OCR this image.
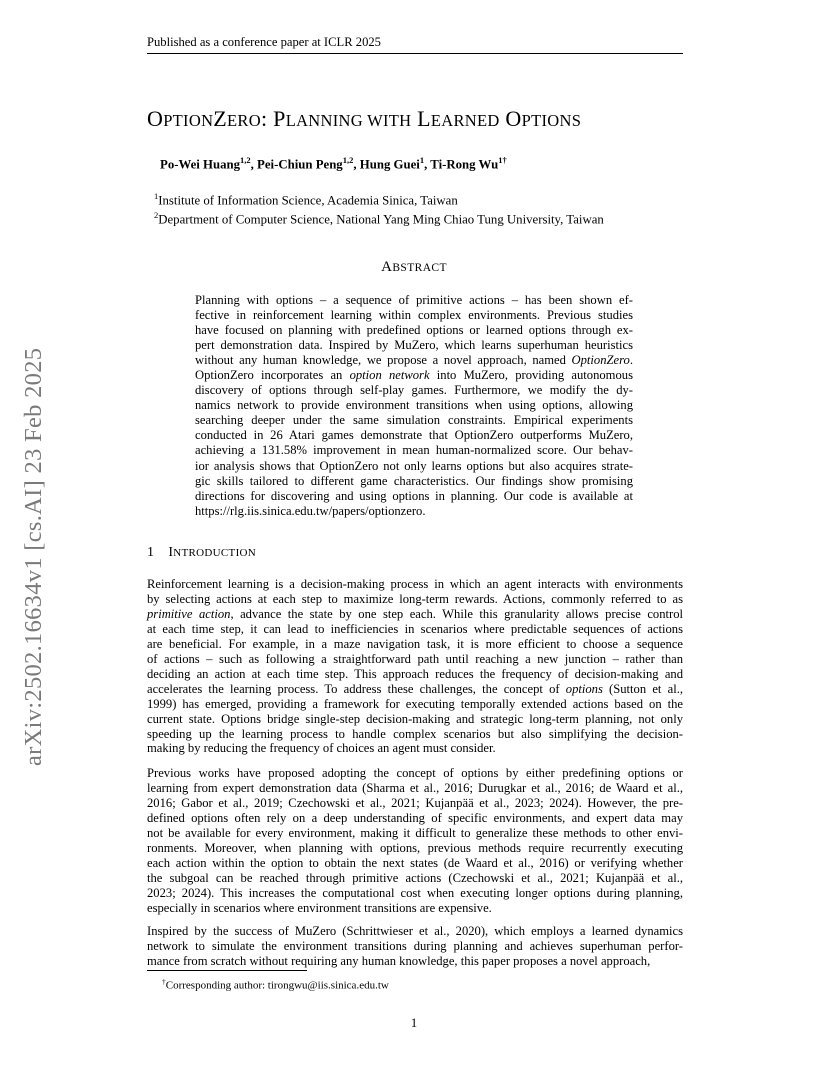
Published as a conference paper at ICLR 2025
arXiv:2502.16634v1 [cs.AI] 23 Feb 2025
OPTIONZERO: PLANNING WITH LEARNED OPTIONS
Po-Wei Huang$^{1,2}$, Pei-Chiun Peng$^{1,2}$, Hung Guei$^1$, Ti-Rong $Wu^{1\dagger}$
$^1$Institute of Information Science, Academia Sinica, Taiwan
$^2$Department of Computer Science, National Yang Ming Chiao Tung University, Taiwan
ABSTRACT
Planning with options – a sequence of primitive actions – has been shown ef-
fective in reinforcement learning within complex environments. Previous studies
have focused on planning with predefined options or learned options through ex-
pert demonstration data. Inspired by MuZero, which learns superhuman heuristics
without any human knowledge, we propose a novel approach, named OptionZero.
OptionZero incorporates an option network into MuZero, providing autonomous
discovery of options through self-play games. Furthermore, we modify the dy-
namics network to provide environment transitions when using options, allowing
searching deeper under the same simulation constraints. Empirical experiments
conducted in 26 Atari games demonstrate that OptionZero outperforms MuZero,
achieving a 131.58% improvement in mean human-normalized score. Our behav-
ior analysis shows that OptionZero not only learns options but also acquires strate-
gic skills tailored to different game characteristics. Our findings show promising
directions for discovering and using options in planning. Our code is available at
https://rlg.iis.sinica.edu.tw/papers/optionzero.
1 INTRODUCTION
Reinforcement learning is a decision-making process in which an agent interacts with environments
by selecting actions at each step to maximize long-term rewards. Actions, commonly referred to as
primitive action, advance the state by one step each. While this granularity allows precise control
at each time step, it can lead to inefficiencies in scenarios where predictable sequences of actions
are beneficial. For example, in a maze navigation task, it is more efficient to choose a sequence
of actions – such as following a straightforward path until reaching a new junction – rather than
deciding an action at each time step. This approach reduces the frequency of decision-making and
accelerates the learning process. To address these challenges, the concept of options (Sutton et al.,
1999) has emerged, providing a framework for executing temporally extended actions based on the
current state. Options bridge single-step decision-making and strategic long-term planning, not only
speeding up the learning process to handle complex scenarios but also simplifying the decision-
making by reducing the frequency of choices an agent must consider.
Previous works have proposed adopting the concept of options by either predefining options or
learning from expert demonstration data (Sharma et al., 2016; Durugkar et al., 2016; de Waard et al.,
2016; Gabor et al., 2019; Czechowski et al., 2021; Kujanpää et al., 2023; 2024). However, the pre-
defined options often rely on a deep understanding of specific environments, and expert data may
not be available for every environment, making it difficult to generalize these methods to other envi-
ronments. Moreover, when planning with options, previous methods require recurrently executing
each action within the option to obtain the next states (de Waard et al., 2016) or verifying whether
the subgoal can be reached through primitive actions (Czechowski et al., 2021; Kujanpää et al.,
2023; 2024). This increases the computational cost when executing longer options during planning,
especially in scenarios where environment transitions are expensive.
Inspired by the success of MuZero (Schrittwieser et al., 2020), which employs a learned dynamics
network to simulate the environment transitions during planning and achieves superhuman perfor-
mance from scratch without requiring any human knowledge, this paper proposes a novel approach,
†Corresponding author: tirongwu@iis.sinica.edu.tw
1
